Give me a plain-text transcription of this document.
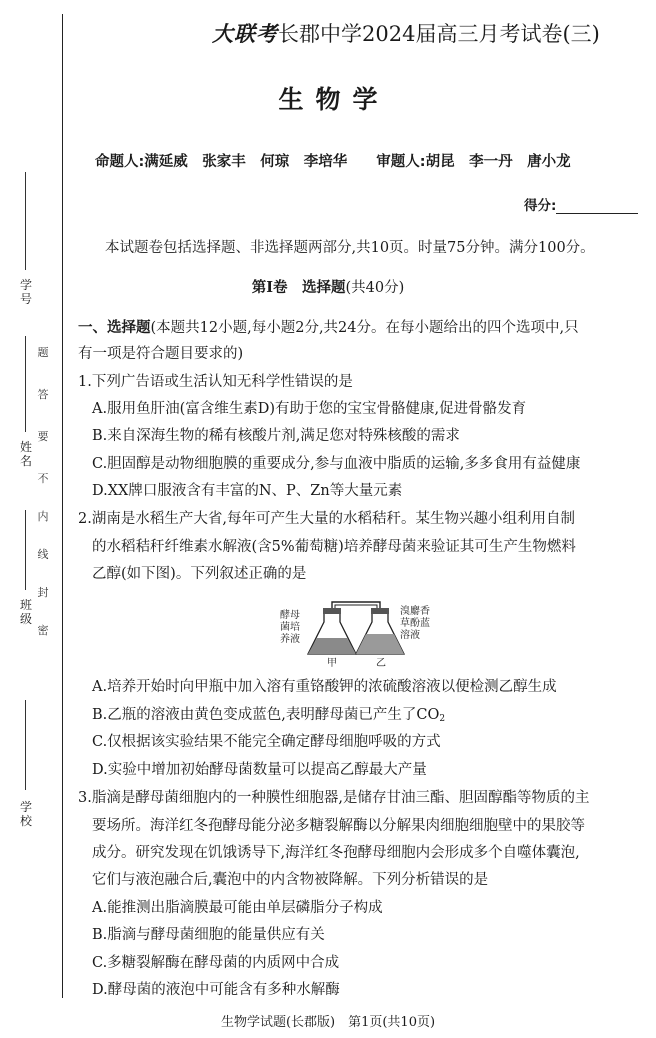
学 号
姓 名
班 级
学 校
密
封
线
内
不
要
答
题
大联考长郡中学2024届高三月考试卷(三)
生物学
命题人:满延威　张家丰　何琼　李培华　　审题人:胡昆　李一丹　唐小龙
得分:
本试题卷包括选择题、非选择题两部分,共10页。时量75分钟。满分100分。
第Ⅰ卷　选择题(共40分)
一、选择题(本题共12小题,每小题2分,共24分。在每小题给出的四个选项中,只
有一项是符合题目要求的)
1.下列广告语或生活认知无科学性错误的是
A.服用鱼肝油(富含维生素D)有助于您的宝宝骨骼健康,促进骨骼发育
B.来自深海生物的稀有核酸片剂,满足您对特殊核酸的需求
C.胆固醇是动物细胞膜的重要成分,参与血液中脂质的运输,多多食用有益健康
D.XX牌口服液含有丰富的N、P、Zn等大量元素
2.湖南是水稻生产大省,每年可产生大量的水稻秸秆。某生物兴趣小组利用自制
的水稻秸秆纤维素水解液(含5%葡萄糖)培养酵母菌来验证其可生产生物燃料
乙醇(如下图)。下列叙述正确的是
酵母
菌培
养液
溴麝香
草酚蓝
溶液
甲	乙
A.培养开始时向甲瓶中加入溶有重铬酸钾的浓硫酸溶液以便检测乙醇生成
B.乙瓶的溶液由黄色变成蓝色,表明酵母菌已产生了$CO_2$
C.仅根据该实验结果不能完全确定酵母细胞呼吸的方式
D.实验中增加初始酵母菌数量可以提高乙醇最大产量
3.脂滴是酵母菌细胞内的一种膜性细胞器,是储存甘油三酯、胆固醇酯等物质的主
要场所。海洋红冬孢酵母能分泌多糖裂解酶以分解果肉细胞细胞壁中的果胶等
成分。研究发现在饥饿诱导下,海洋红冬孢酵母细胞内会形成多个自噬体囊泡,
它们与液泡融合后,囊泡中的内含物被降解。下列分析错误的是
A.能推测出脂滴膜最可能由单层磷脂分子构成
B.脂滴与酵母菌细胞的能量供应有关
C.多糖裂解酶在酵母菌的内质网中合成
D.酵母菌的液泡中可能含有多种水解酶
生物学试题(长郡版)　第1页(共10页)
